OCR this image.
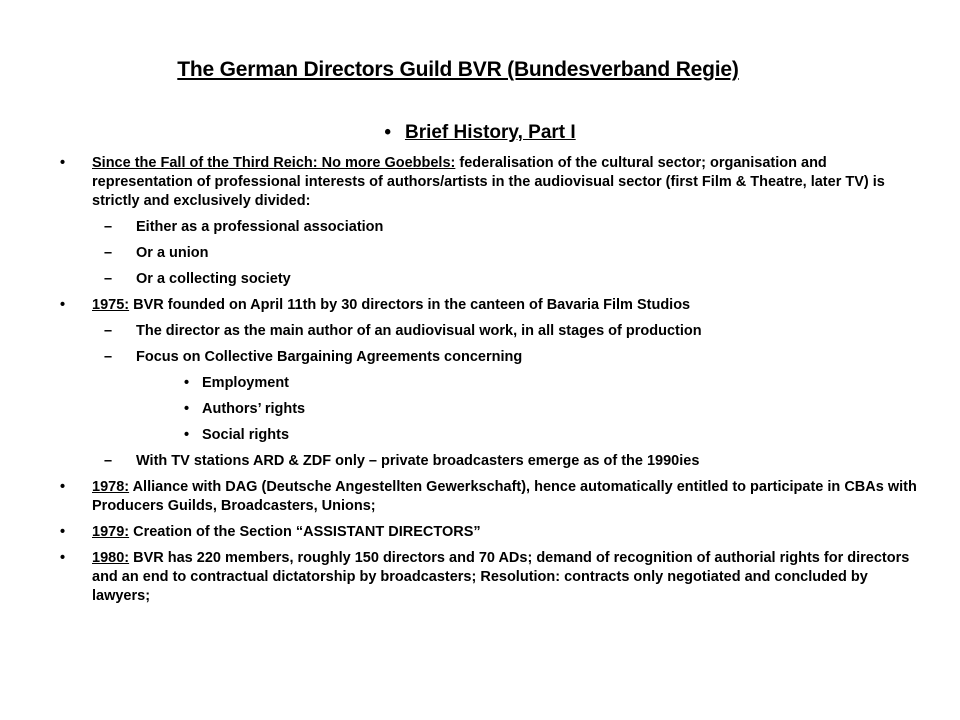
The German Directors Guild BVR (Bundesverband Regie)
• Brief History, Part I
• Since the Fall of the Third Reich: No more Goebbels: federalisation of the cultural sector; organisation and representation of professional interests of authors/artists in the audiovisual sector (first Film & Theatre, later TV) is strictly and exclusively divided:
– Either as a professional association
– Or a union
– Or a collecting society
• 1975: BVR founded on April 11th by 30 directors in the canteen of Bavaria Film Studios
– The director as the main author of an audiovisual work, in all stages of production
– Focus on Collective Bargaining Agreements concerning
• Employment
• Authors’ rights
• Social rights
– With TV stations ARD & ZDF only – private broadcasters emerge as of the 1990ies
• 1978: Alliance with DAG (Deutsche Angestellten Gewerkschaft), hence automatically entitled to participate in CBAs with Producers Guilds, Broadcasters, Unions;
• 1979: Creation of the Section “ASSISTANT DIRECTORS”
• 1980: BVR has 220 members, roughly 150 directors and 70 ADs; demand of recognition of authorial rights for directors and an end to contractual dictatorship by broadcasters; Resolution: contracts only negotiated and concluded by lawyers;
